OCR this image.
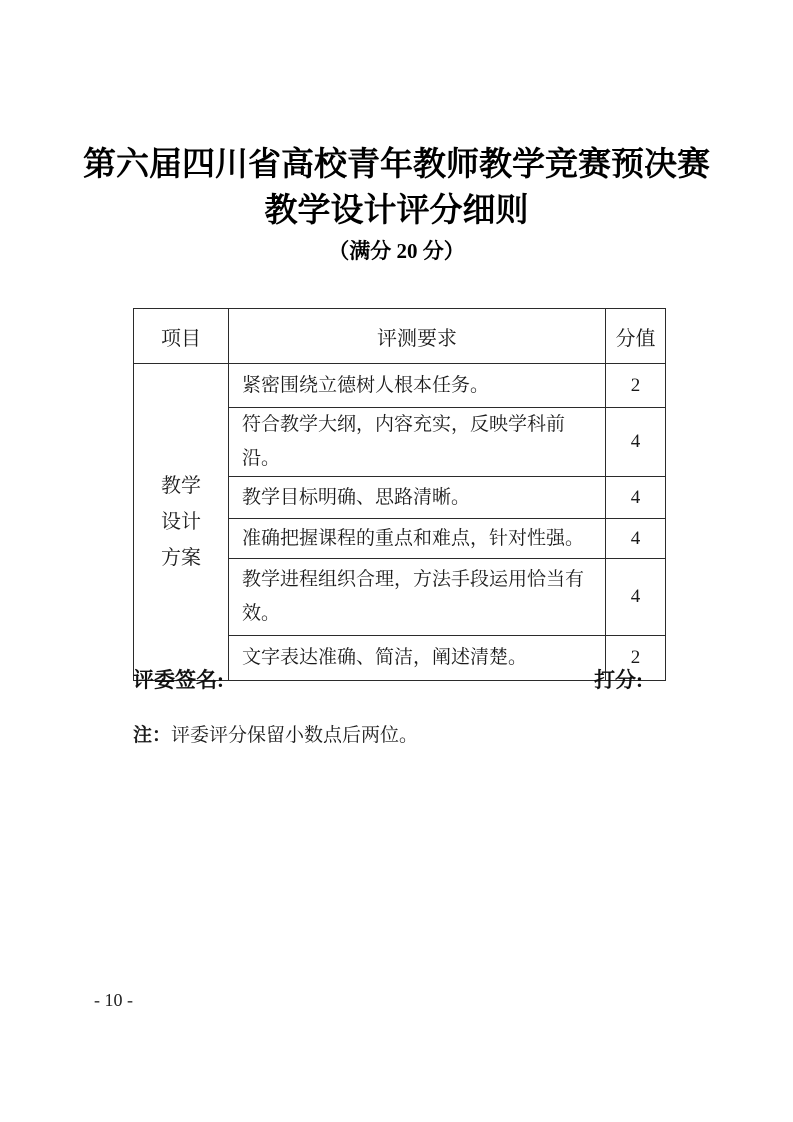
第六届四川省高校青年教师教学竞赛预决赛
教学设计评分细则
（满分 20 分）
项目	评测要求	分值

教学
设计
方案	紧密围绕立德树人根本任务。	2
	符合教学大纲，内容充实，反映学科前沿。	4
	教学目标明确、思路清晰。	4
	准确把握课程的重点和难点，针对性强。	4
	教学进程组织合理，方法手段运用恰当有效。	4
	文字表达准确、简洁，阐述清楚。	2
评委签名:	打分:
注：评委评分保留小数点后两位。
- 10 -
